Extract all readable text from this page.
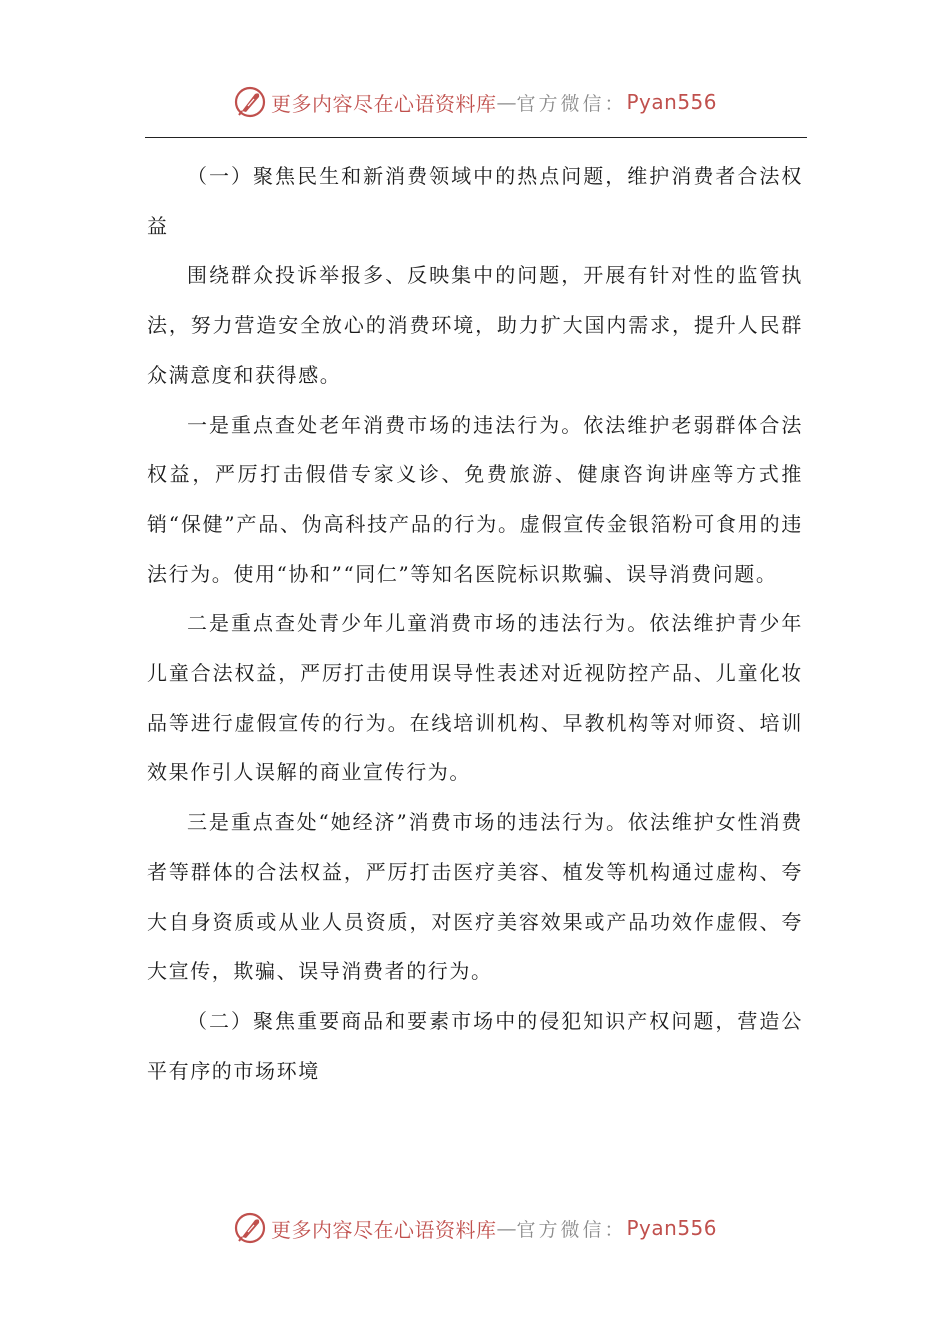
更多内容尽在心语资料库 — 官方微信： Pyan556

（一）聚焦民生和新消费领域中的热点问题，维护消费者合法权益

围绕群众投诉举报多、反映集中的问题，开展有针对性的监管执法，努力营造安全放心的消费环境，助力扩大国内需求，提升人民群众满意度和获得感。

一是重点查处老年消费市场的违法行为。依法维护老弱群体合法权益，严厉打击假借专家义诊、免费旅游、健康咨询讲座等方式推销“保健”产品、伪高科技产品的行为。虚假宣传金银箔粉可食用的违法行为。使用“协和”“同仁”等知名医院标识欺骗、误导消费问题。

二是重点查处青少年儿童消费市场的违法行为。依法维护青少年儿童合法权益，严厉打击使用误导性表述对近视防控产品、儿童化妆品等进行虚假宣传的行为。在线培训机构、早教机构等对师资、培训效果作引人误解的商业宣传行为。

三是重点查处“她经济”消费市场的违法行为。依法维护女性消费者等群体的合法权益，严厉打击医疗美容、植发等机构通过虚构、夸大自身资质或从业人员资质，对医疗美容效果或产品功效作虚假、夸大宣传，欺骗、误导消费者的行为。

（二）聚焦重要商品和要素市场中的侵犯知识产权问题，营造公平有序的市场环境

更多内容尽在心语资料库 — 官方微信： Pyan556
